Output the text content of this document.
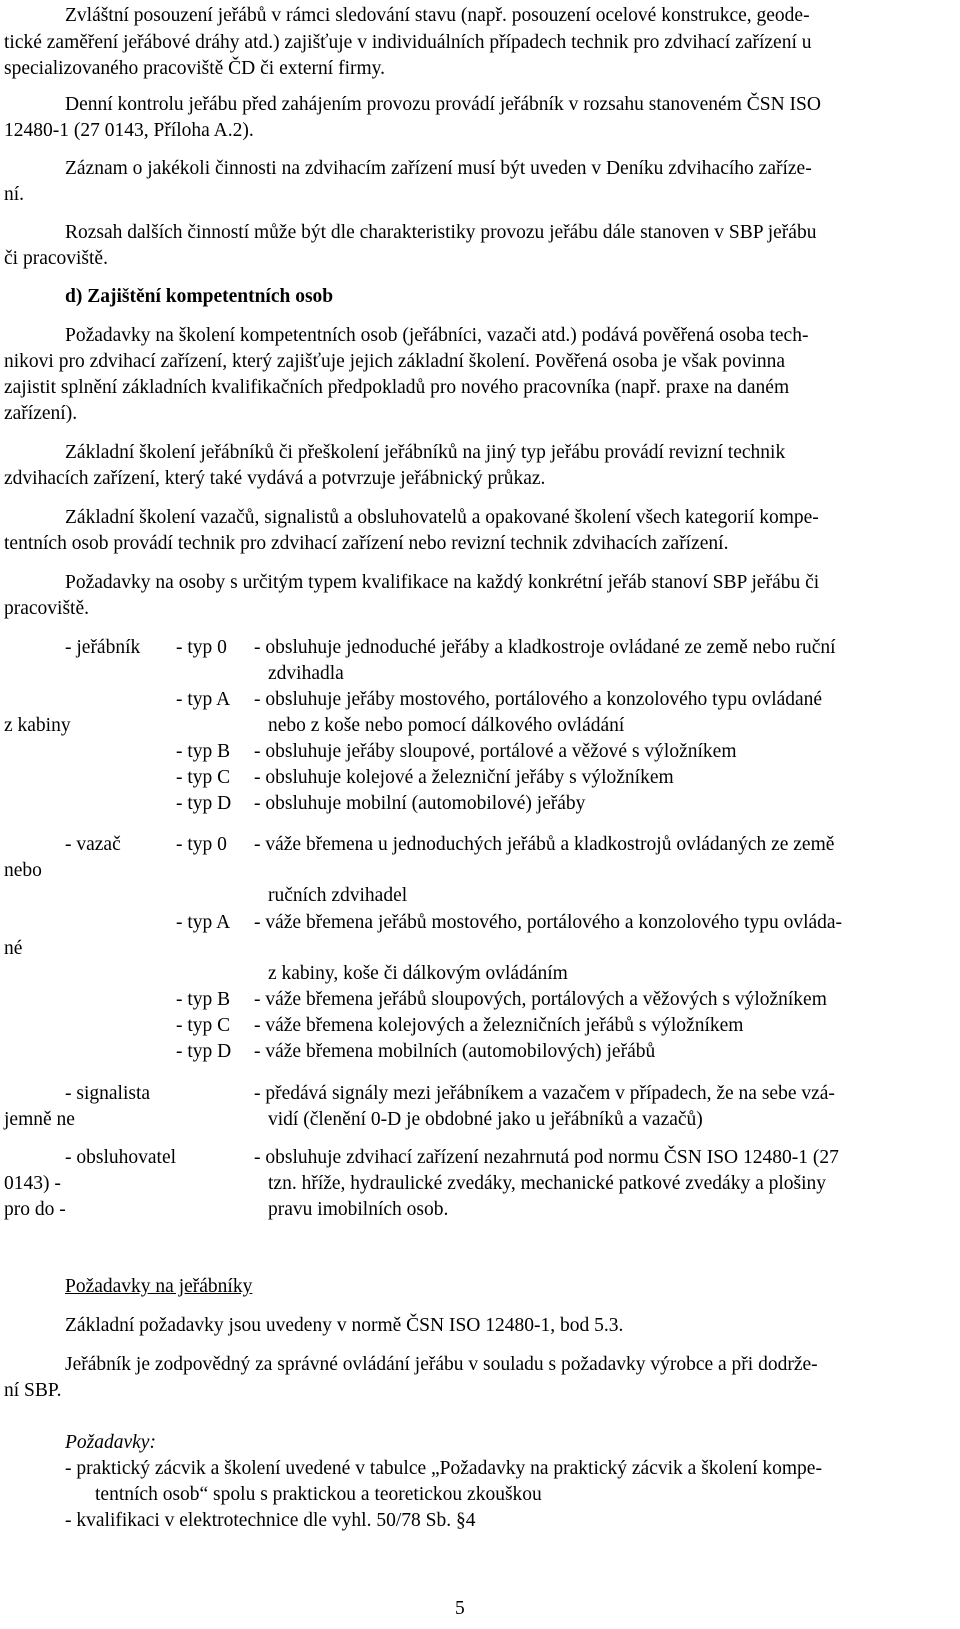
Zvláštní posouzení jeřábů v rámci sledování stavu (např. posouzení ocelové konstrukce, geode-
tické zaměření jeřábové dráhy atd.) zajišťuje v individuálních případech technik pro zdvihací zařízení u
specializovaného pracoviště ČD či externí firmy.
Denní kontrolu jeřábu před zahájením provozu provádí jeřábník v rozsahu stanoveném ČSN ISO
12480-1 (27 0143, Příloha A.2).
Záznam o jakékoli činnosti na zdvihacím zařízení musí být uveden v Deníku zdvihacího zaříze-
ní.
Rozsah dalších činností může být dle charakteristiky provozu jeřábu dále stanoven v SBP jeřábu
či pracoviště.
d) Zajištění kompetentních osob
Požadavky na školení kompetentních osob (jeřábníci, vazači atd.) podává pověřená osoba tech-
nikovi pro zdvihací zařízení, který zajišťuje jejich základní školení. Pověřená osoba je však povinna
zajistit splnění základních kvalifikačních předpokladů pro nového pracovníka (např. praxe na daném
zařízení).
Základní školení jeřábníků či přeškolení jeřábníků na jiný typ jeřábu provádí revizní technik
zdvihacích zařízení, který také vydává a potvrzuje jeřábnický průkaz.
Základní školení vazačů, signalistů a obsluhovatelů a opakované školení všech kategorií kompe-
tentních osob provádí technik pro zdvihací zařízení nebo revizní technik zdvihacích zařízení.
Požadavky na osoby s určitým typem kvalifikace na každý konkrétní jeřáb stanoví SBP jeřábu či
pracoviště.
- jeřábník - typ 0 - obsluhuje jednoduché jeřáby a kladkostroje ovládané ze země nebo ruční
zdvihadla
- typ A - obsluhuje jeřáby mostového, portálového a konzolového typu ovládané
z kabiny	nebo z koše nebo pomocí dálkového ovládání
- typ B - obsluhuje jeřáby sloupové, portálové a věžové s výložníkem
- typ C - obsluhuje kolejové a železniční jeřáby s výložníkem
- typ D - obsluhuje mobilní (automobilové) jeřáby
- vazač	- typ 0 - váže břemena u jednoduchých jeřábů a kladkostrojů ovládaných ze země
nebo
ručních zdvihadel
- typ A - váže břemena jeřábů mostového, portálového a konzolového typu ovláda-
né
z kabiny, koše či dálkovým ovládáním
- typ B - váže břemena jeřábů sloupových, portálových a věžových s výložníkem
- typ C - váže břemena kolejových a železničních jeřábů s výložníkem
- typ D - váže břemena mobilních (automobilových) jeřábů
- signalista	- předává signály mezi jeřábníkem a vazačem v případech, že na sebe vzá-
jemně ne	vidí (členění 0-D je obdobné jako u jeřábníků a vazačů)
- obsluhovatel	- obsluhuje zdvihací zařízení nezahrnutá pod normu ČSN ISO 12480-1 (27
0143) -	tzn. hříže, hydraulické zvedáky, mechanické patkové zvedáky a plošiny
pro do -	pravu imobilních osob.
Požadavky na jeřábníky
Základní požadavky jsou uvedeny v normě ČSN ISO 12480-1, bod 5.3.
Jeřábník je zodpovědný za správné ovládání jeřábu v souladu s požadavky výrobce a při dodrže-
ní SBP.
Požadavky:
- praktický zácvik a školení uvedené v tabulce „Požadavky na praktický zácvik a školení kompe-
tentních osob“ spolu s praktickou a teoretickou zkouškou
- kvalifikaci v elektrotechnice dle vyhl. 50/78 Sb. §4
5
